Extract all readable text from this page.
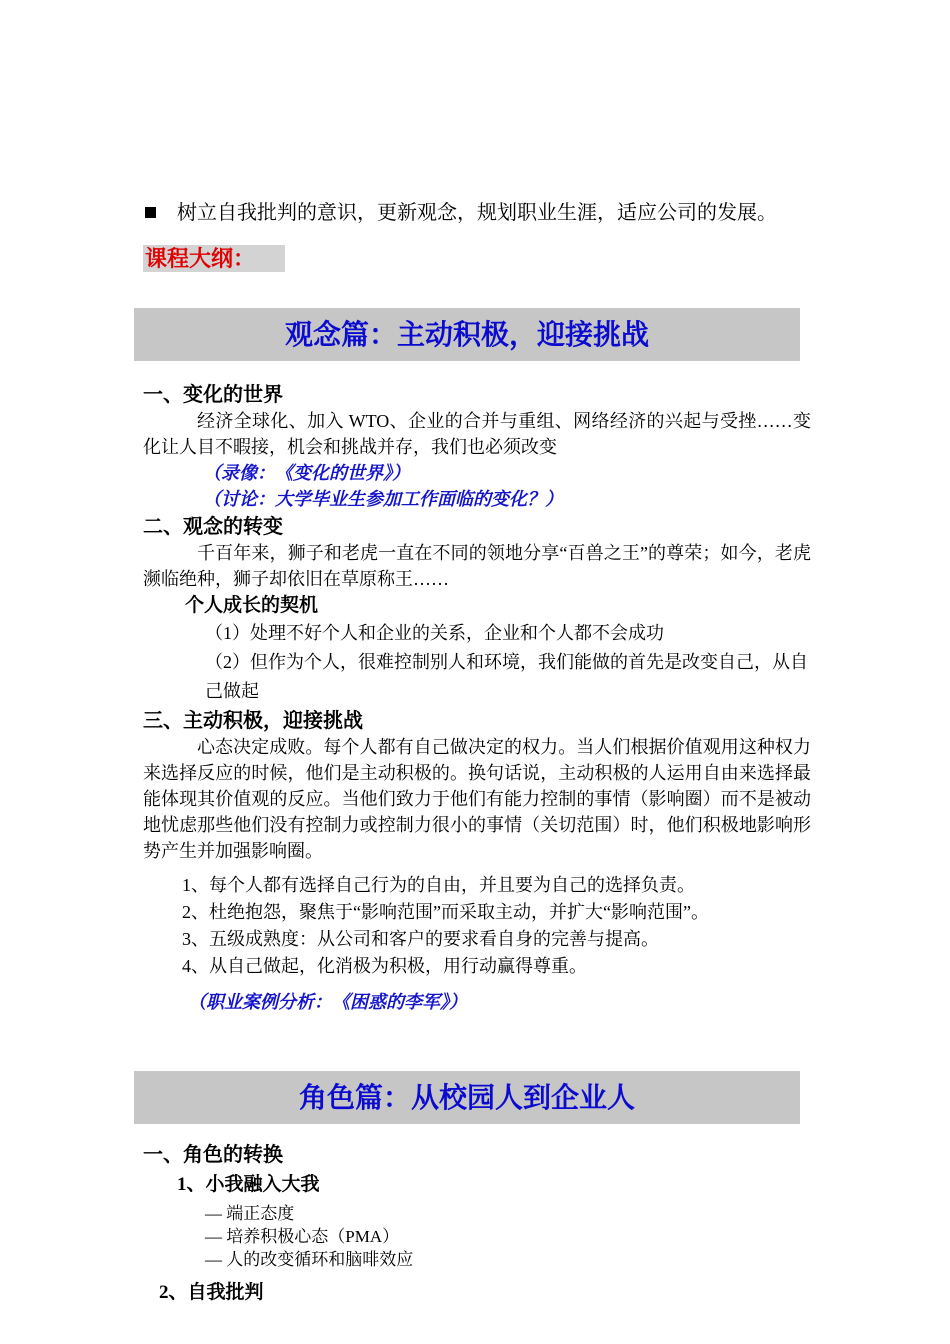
树立自我批判的意识，更新观念，规划职业生涯，适应公司的发展。
课程大纲：
观念篇：主动积极，迎接挑战
一、变化的世界

经济全球化、加入 WTO、企业的合并与重组、网络经济的兴起与受挫……变化让人目不暇接，机会和挑战并存，我们也必须改变

（录像：《变化的世界》）
（讨论：大学毕业生参加工作面临的变化？）
二、观念的转变

千百年来，狮子和老虎一直在不同的领地分享“百兽之王”的尊荣；如今，老虎濒临绝种，狮子却依旧在草原称王……

个人成长的契机
（1）处理不好个人和企业的关系，企业和个人都不会成功
（2）但作为个人，很难控制别人和环境，我们能做的首先是改变自己，从自己做起
三、主动积极，迎接挑战

心态决定成败。每个人都有自己做决定的权力。当人们根据价值观用这种权力来选择反应的时候，他们是主动积极的。换句话说，主动积极的人运用自由来选择最能体现其价值观的反应。当他们致力于他们有能力控制的事情（影响圈）而不是被动地忧虑那些他们没有控制力或控制力很小的事情（关切范围）时，他们积极地影响形势产生并加强影响圈。

1、每个人都有选择自己行为的自由，并且要为自己的选择负责。
2、杜绝抱怨，聚焦于“影响范围”而采取主动，并扩大“影响范围”。
3、五级成熟度：从公司和客户的要求看自身的完善与提高。
4、从自己做起，化消极为积极，用行动赢得尊重。
（职业案例分析：《困惑的李军》）
角色篇：从校园人到企业人
一、角色的转换
1、小我融入大我
— 端正态度
— 培养积极心态（PMA）
— 人的改变循环和脑啡效应
2、自我批判
